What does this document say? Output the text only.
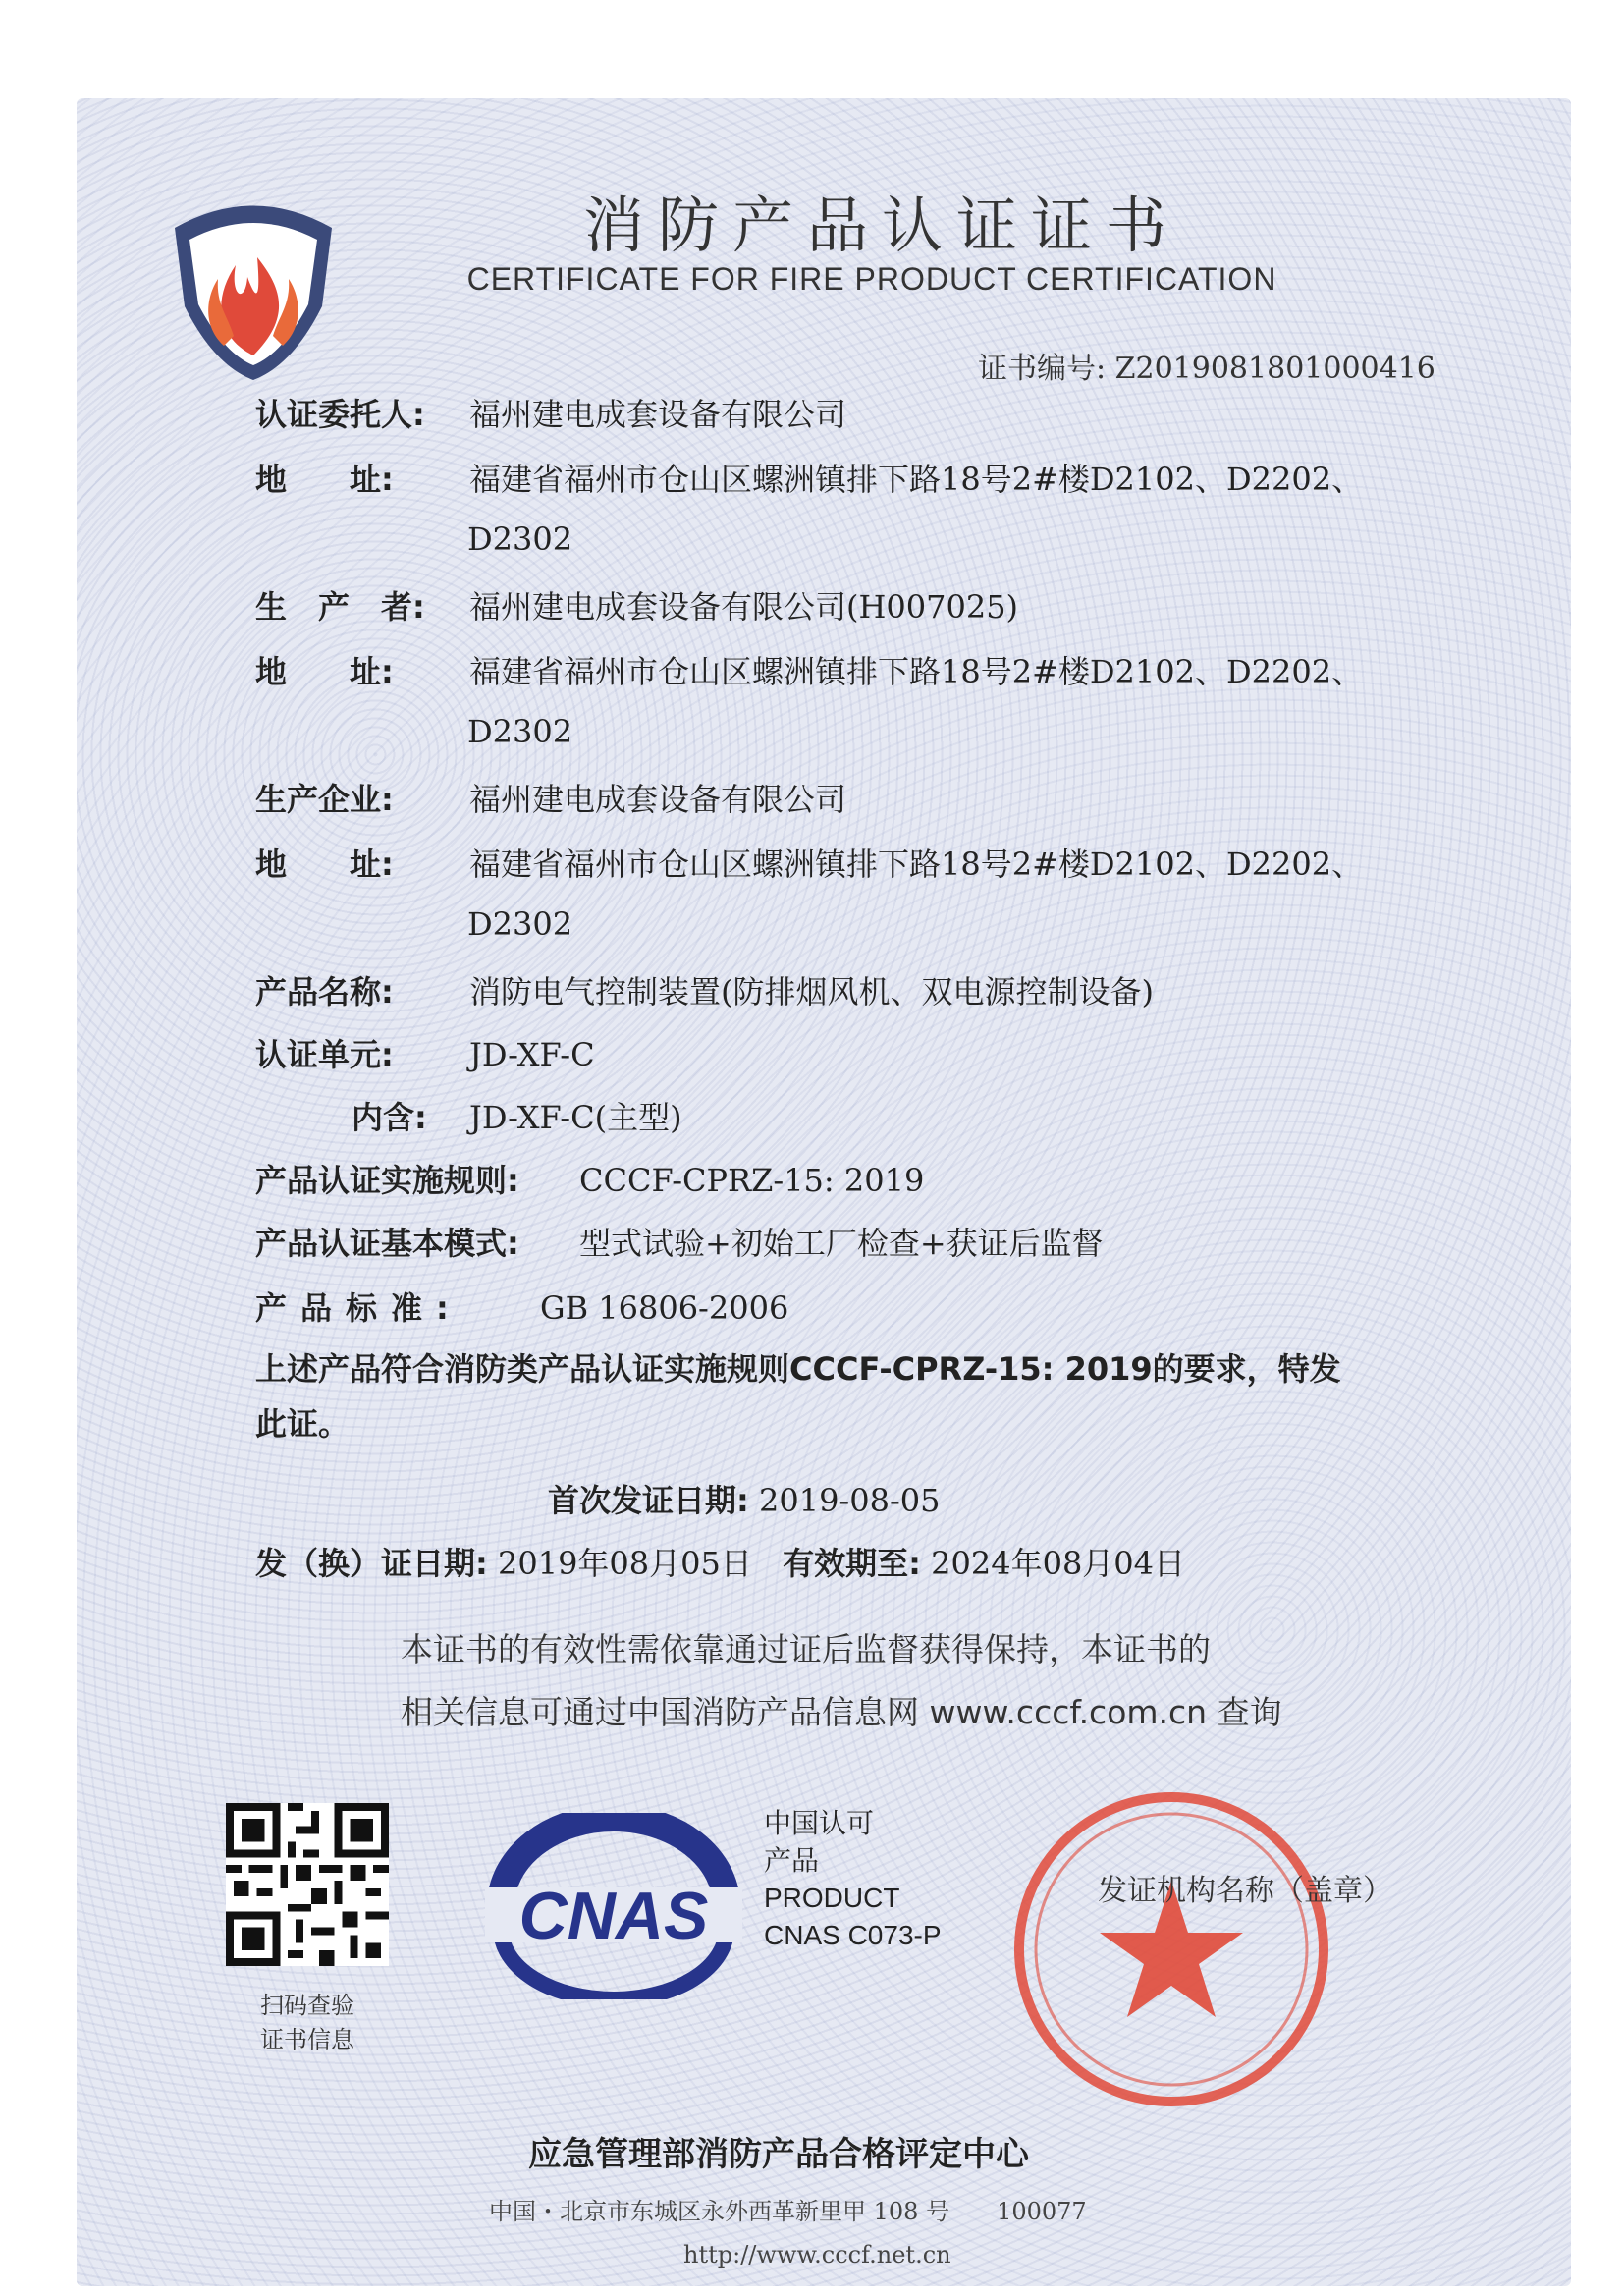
消防产品认证证书
CERTIFICATE FOR FIRE PRODUCT CERTIFICATION
证书编号: Z2019081801000416
认证委托人: 福州建电成套设备有限公司
地　　址: 福建省福州市仓山区螺洲镇排下路18号2#楼D2102、D2202、
D2302
生　产　者: 福州建电成套设备有限公司(H007025)
地　　址: 福建省福州市仓山区螺洲镇排下路18号2#楼D2102、D2202、
D2302
生产企业: 福州建电成套设备有限公司
地　　址: 福建省福州市仓山区螺洲镇排下路18号2#楼D2102、D2202、
D2302
产品名称: 消防电气控制装置(防排烟风机、双电源控制设备)
认证单元: JD-XF-C
内含: JD-XF-C(主型)
产品认证实施规则: CCCF-CPRZ-15: 2019
产品认证基本模式: 型式试验+初始工厂检查+获证后监督
产品标准: GB 16806-2006
上述产品符合消防类产品认证实施规则CCCF-CPRZ-15: 2019的要求，特发
此证。
首次发证日期: 2019-08-05
发（换）证日期: 2019年08月05日 有效期至: 2024年08月04日
本证书的有效性需依靠通过证后监督获得保持，本证书的
相关信息可通过中国消防产品信息网 www.cccf.com.cn 查询
扫码查验
证书信息
CNAS
中国认可
产品
PRODUCT
CNAS C073-P
发证机构名称（盖章）
应急管理部消防产品合格评定中心
中国・北京市东城区永外西革新里甲 108 号　　100077
http://www.cccf.net.cn
